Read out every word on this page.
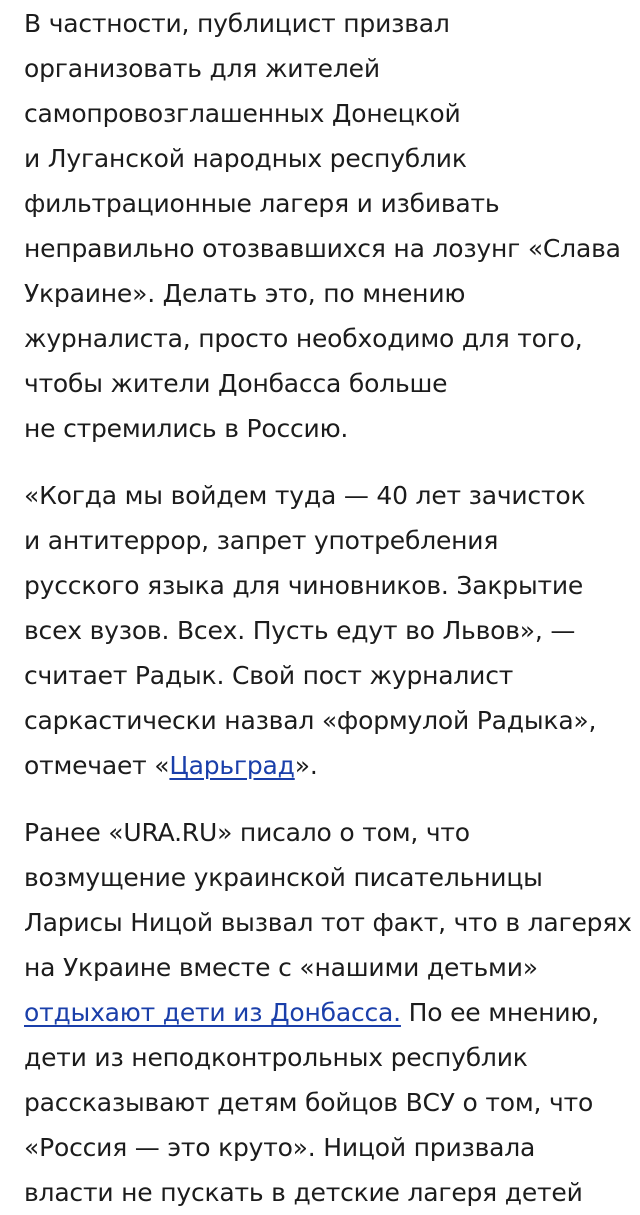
В частности, публицист призвал
организовать для жителей
самопровозглашенных Донецкой
и Луганской народных республик
фильтрационные лагеря и избивать
неправильно отозвавшихся на лозунг «Слава
Украине». Делать это, по мнению
журналиста, просто необходимо для того,
чтобы жители Донбасса больше
не стремились в Россию.

«Когда мы войдем туда — 40 лет зачисток
и антитеррор, запрет употребления
русского языка для чиновников. Закрытие
всех вузов. Всех. Пусть едут во Львов», —
считает Радык. Свой пост журналист
саркастически назвал «формулой Радыка»,
отмечает «Царьград».

Ранее «URA.RU» писало о том, что
возмущение украинской писательницы
Ларисы Ницой вызвал тот факт, что в лагерях
на Украине вместе с «нашими детьми»
отдыхают дети из Донбасса. По ее мнению,
дети из неподконтрольных республик
рассказывают детям бойцов ВСУ о том, что
«Россия — это круто». Ницой призвала
власти не пускать в детские лагеря детей
